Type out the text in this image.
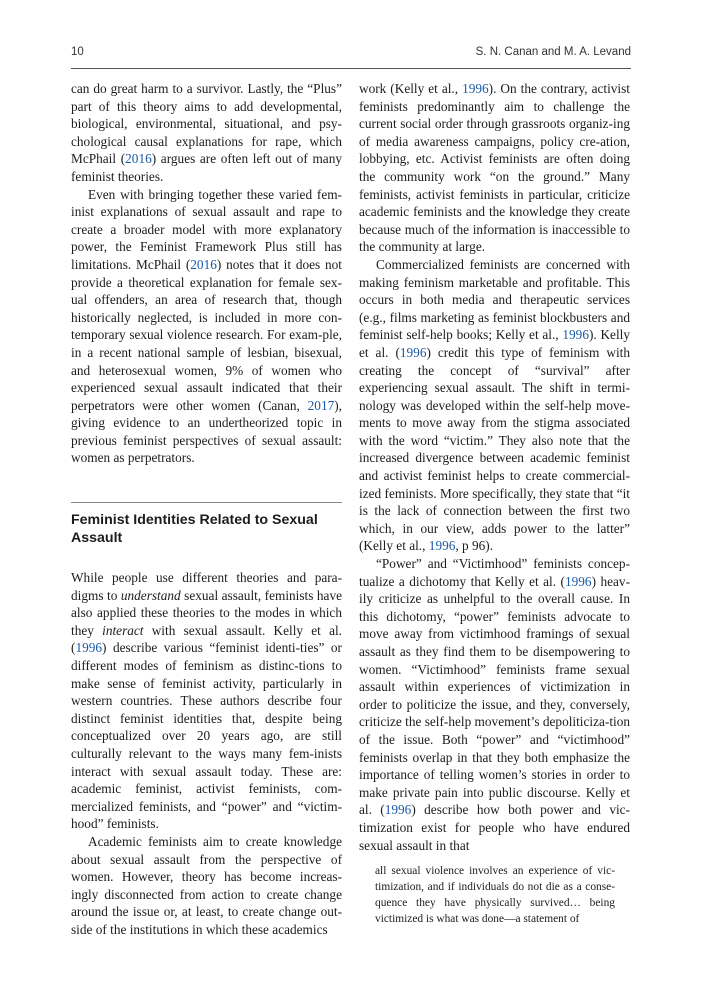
10	S. N. Canan and M. A. Levand

can do great harm to a survivor. Lastly, the “Plus” part of this theory aims to add developmental, biological, environmental, situational, and psy-chological causal explanations for rape, which McPhail (2016) argues are often left out of many feminist theories.

Even with bringing together these varied fem-inist explanations of sexual assault and rape to create a broader model with more explanatory power, the Feminist Framework Plus still has limitations. McPhail (2016) notes that it does not provide a theoretical explanation for female sex-ual offenders, an area of research that, though historically neglected, is included in more con-temporary sexual violence research. For exam-ple, in a recent national sample of lesbian, bisexual, and heterosexual women, 9% of women who experienced sexual assault indicated that their perpetrators were other women (Canan, 2017), giving evidence to an undertheorized topic in previous feminist perspectives of sexual assault: women as perpetrators.

Feminist Identities Related to Sexual Assault

While people use different theories and para-digms to understand sexual assault, feminists have also applied these theories to the modes in which they interact with sexual assault. Kelly et al. (1996) describe various “feminist identi-ties” or different modes of feminism as distinc-tions to make sense of feminist activity, particularly in western countries. These authors describe four distinct feminist identities that, despite being conceptualized over 20 years ago, are still culturally relevant to the ways many fem-inists interact with sexual assault today. These are: academic feminist, activist feminists, com-mercialized feminists, and “power” and “victim-hood” feminists.

Academic feminists aim to create knowledge about sexual assault from the perspective of women. However, theory has become increas-ingly disconnected from action to create change around the issue or, at least, to create change out-side of the institutions in which these academics

work (Kelly et al., 1996). On the contrary, activist feminists predominantly aim to challenge the current social order through grassroots organiz-ing of media awareness campaigns, policy cre-ation, lobbying, etc. Activist feminists are often doing the community work “on the ground.” Many feminists, activist feminists in particular, criticize academic feminists and the knowledge they create because much of the information is inaccessible to the community at large.

Commercialized feminists are concerned with making feminism marketable and profitable. This occurs in both media and therapeutic services (e.g., films marketing as feminist blockbusters and feminist self-help books; Kelly et al., 1996). Kelly et al. (1996) credit this type of feminism with creating the concept of “survival” after experiencing sexual assault. The shift in termi-nology was developed within the self-help move-ments to move away from the stigma associated with the word “victim.” They also note that the increased divergence between academic feminist and activist feminist helps to create commercial-ized feminists. More specifically, they state that “it is the lack of connection between the first two which, in our view, adds power to the latter” (Kelly et al., 1996, p 96).

“Power” and “Victimhood” feminists concep-tualize a dichotomy that Kelly et al. (1996) heav-ily criticize as unhelpful to the overall cause. In this dichotomy, “power” feminists advocate to move away from victimhood framings of sexual assault as they find them to be disempowering to women. “Victimhood” feminists frame sexual assault within experiences of victimization in order to politicize the issue, and they, conversely, criticize the self-help movement’s depoliticiza-tion of the issue. Both “power” and “victimhood” feminists overlap in that they both emphasize the importance of telling women’s stories in order to make private pain into public discourse. Kelly et al. (1996) describe how both power and vic-timization exist for people who have endured sexual assault in that

all sexual violence involves an experience of vic-timization, and if individuals do not die as a conse-quence they have physically survived… being victimized is what was done—a statement of
